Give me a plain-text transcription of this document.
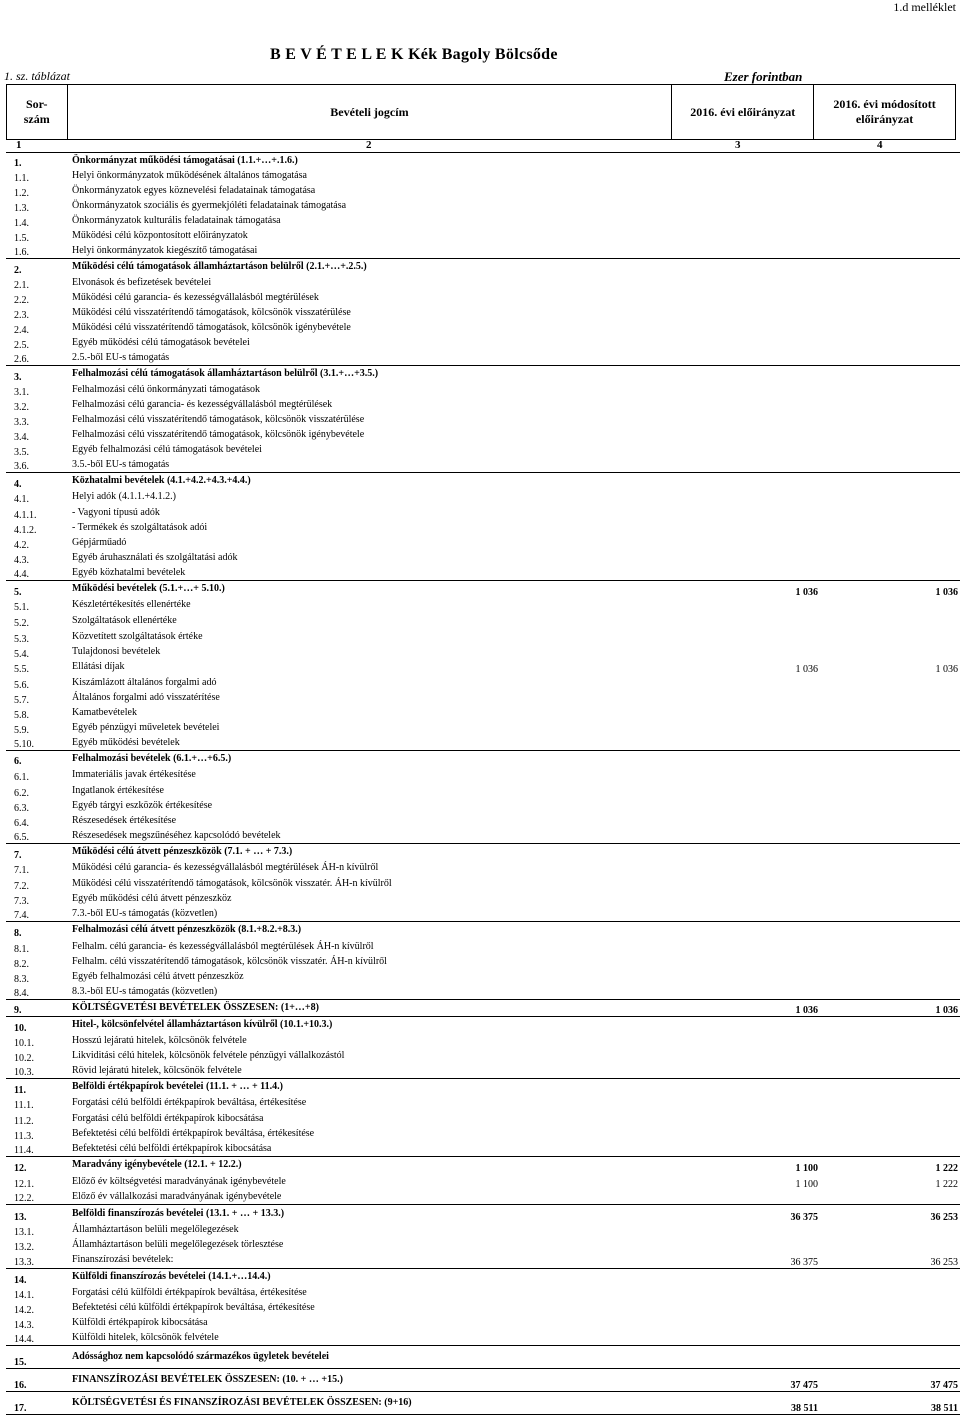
1.d melléklet
B E V É T E L E K Kék Bagoly Bölcsőde
1. sz. táblázat	Ezer forintban
Sor-
szám	Bevételi jogcím	2016. évi előirányzat	2016. évi módosított előirányzat
1	2	3	4
1.	Önkormányzat működési támogatásai (1.1.+…+.1.6.)		
1.1.	Helyi önkormányzatok működésének általános támogatása		
1.2.	Önkormányzatok egyes köznevelési feladatainak támogatása		
1.3.	Önkormányzatok szociális és gyermekjóléti feladatainak támogatása		
1.4.	Önkormányzatok kulturális feladatainak támogatása		
1.5.	Működési célú központosított előirányzatok		
1.6.	Helyi önkormányzatok kiegészítő támogatásai		
2.	Működési célú támogatások államháztartáson belülről (2.1.+…+.2.5.)		
2.1.	Elvonások és befizetések bevételei		
2.2.	Működési célú garancia- és kezességvállalásból megtérülések		
2.3.	Működési célú visszatérítendő támogatások, kölcsönök visszatérülése		
2.4.	Működési célú visszatérítendő támogatások, kölcsönök igénybevétele		
2.5.	Egyéb működési célú támogatások bevételei		
2.6.	2.5.-ből EU-s támogatás		
3.	Felhalmozási célú támogatások államháztartáson belülről (3.1.+…+3.5.)		
3.1.	Felhalmozási célú önkormányzati támogatások		
3.2.	Felhalmozási célú garancia- és kezességvállalásból megtérülések		
3.3.	Felhalmozási célú visszatérítendő támogatások, kölcsönök visszatérülése		
3.4.	Felhalmozási célú visszatérítendő támogatások, kölcsönök igénybevétele		
3.5.	Egyéb felhalmozási célú támogatások bevételei		
3.6.	3.5.-ből EU-s támogatás		
4.	Közhatalmi bevételek (4.1.+4.2.+4.3.+4.4.)		
4.1.	Helyi adók (4.1.1.+4.1.2.)		
4.1.1.	- Vagyoni típusú adók		
4.1.2.	- Termékek és szolgáltatások adói		
4.2.	Gépjárműadó		
4.3.	Egyéb áruhasználati és szolgáltatási adók		
4.4.	Egyéb közhatalmi bevételek		
5.	Működési bevételek (5.1.+…+ 5.10.)	1 036	1 036
5.1.	Készletértékesítés ellenértéke		
5.2.	Szolgáltatások ellenértéke		
5.3.	Közvetített szolgáltatások értéke		
5.4.	Tulajdonosi bevételek		
5.5.	Ellátási díjak	1 036	1 036
5.6.	Kiszámlázott általános forgalmi adó		
5.7.	Általános forgalmi adó visszatérítése		
5.8.	Kamatbevételek		
5.9.	Egyéb pénzügyi műveletek bevételei		
5.10.	Egyéb működési bevételek		
6.	Felhalmozási bevételek (6.1.+…+6.5.)		
6.1.	Immateriális javak értékesítése		
6.2.	Ingatlanok értékesítése		
6.3.	Egyéb tárgyi eszközök értékesítése		
6.4.	Részesedések értékesítése		
6.5.	Részesedések megszűnéséhez kapcsolódó bevételek		
7.	Működési célú átvett pénzeszközök (7.1. + … + 7.3.)		
7.1.	Működési célú garancia- és kezességvállalásból megtérülések ÁH-n kívülről		
7.2.	Működési célú visszatérítendő támogatások, kölcsönök visszatér. ÁH-n kívülről		
7.3.	Egyéb működési célú átvett pénzeszköz		
7.4.	7.3.-ből EU-s támogatás (közvetlen)		
8.	Felhalmozási célú átvett pénzeszközök (8.1.+8.2.+8.3.)		
8.1.	Felhalm. célú garancia- és kezességvállalásból megtérülések ÁH-n kívülről		
8.2.	Felhalm. célú visszatérítendő támogatások, kölcsönök visszatér. ÁH-n kívülről		
8.3.	Egyéb felhalmozási célú átvett pénzeszköz		
8.4.	8.3.-ből EU-s támogatás (közvetlen)		
9.	KÖLTSÉGVETÉSI BEVÉTELEK ÖSSZESEN: (1+…+8)	1 036	1 036
10.	Hitel-, kölcsönfelvétel államháztartáson kívülről (10.1.+10.3.)		
10.1.	Hosszú lejáratú hitelek, kölcsönök felvétele		
10.2.	Likviditási célú hitelek, kölcsönök felvétele pénzügyi vállalkozástól		
10.3.	Rövid lejáratú hitelek, kölcsönök felvétele		
11.	Belföldi értékpapírok bevételei (11.1. + … + 11.4.)		
11.1.	Forgatási célú belföldi értékpapírok beváltása, értékesítése		
11.2.	Forgatási célú belföldi értékpapírok kibocsátása		
11.3.	Befektetési célú belföldi értékpapírok beváltása, értékesítése		
11.4.	Befektetési célú belföldi értékpapírok kibocsátása		
12.	Maradvány igénybevétele (12.1. + 12.2.)	1 100	1 222
12.1.	Előző év költségvetési maradványának igénybevétele	1 100	1 222
12.2.	Előző év vállalkozási maradványának igénybevétele		
13.	Belföldi finanszírozás bevételei (13.1. + … + 13.3.)	36 375	36 253
13.1.	Államháztartáson belüli megelőlegezések		
13.2.	Államháztartáson belüli megelőlegezések törlesztése		
13.3.	Finanszírozási bevételek:	36 375	36 253
14.	Külföldi finanszírozás bevételei (14.1.+…14.4.)		
14.1.	Forgatási célú külföldi értékpapírok beváltása, értékesítése		
14.2.	Befektetési célú külföldi értékpapírok beváltása, értékesítése		
14.3.	Külföldi értékpapírok kibocsátása		
14.4.	Külföldi hitelek, kölcsönök felvétele		
15.	Adóssághoz nem kapcsolódó származékos ügyletek bevételei		
16.	FINANSZÍROZÁSI BEVÉTELEK ÖSSZESEN: (10. + … +15.)	37 475	37 475
17.	KÖLTSÉGVETÉSI ÉS FINANSZÍROZÁSI BEVÉTELEK ÖSSZESEN: (9+16)	38 511	38 511
